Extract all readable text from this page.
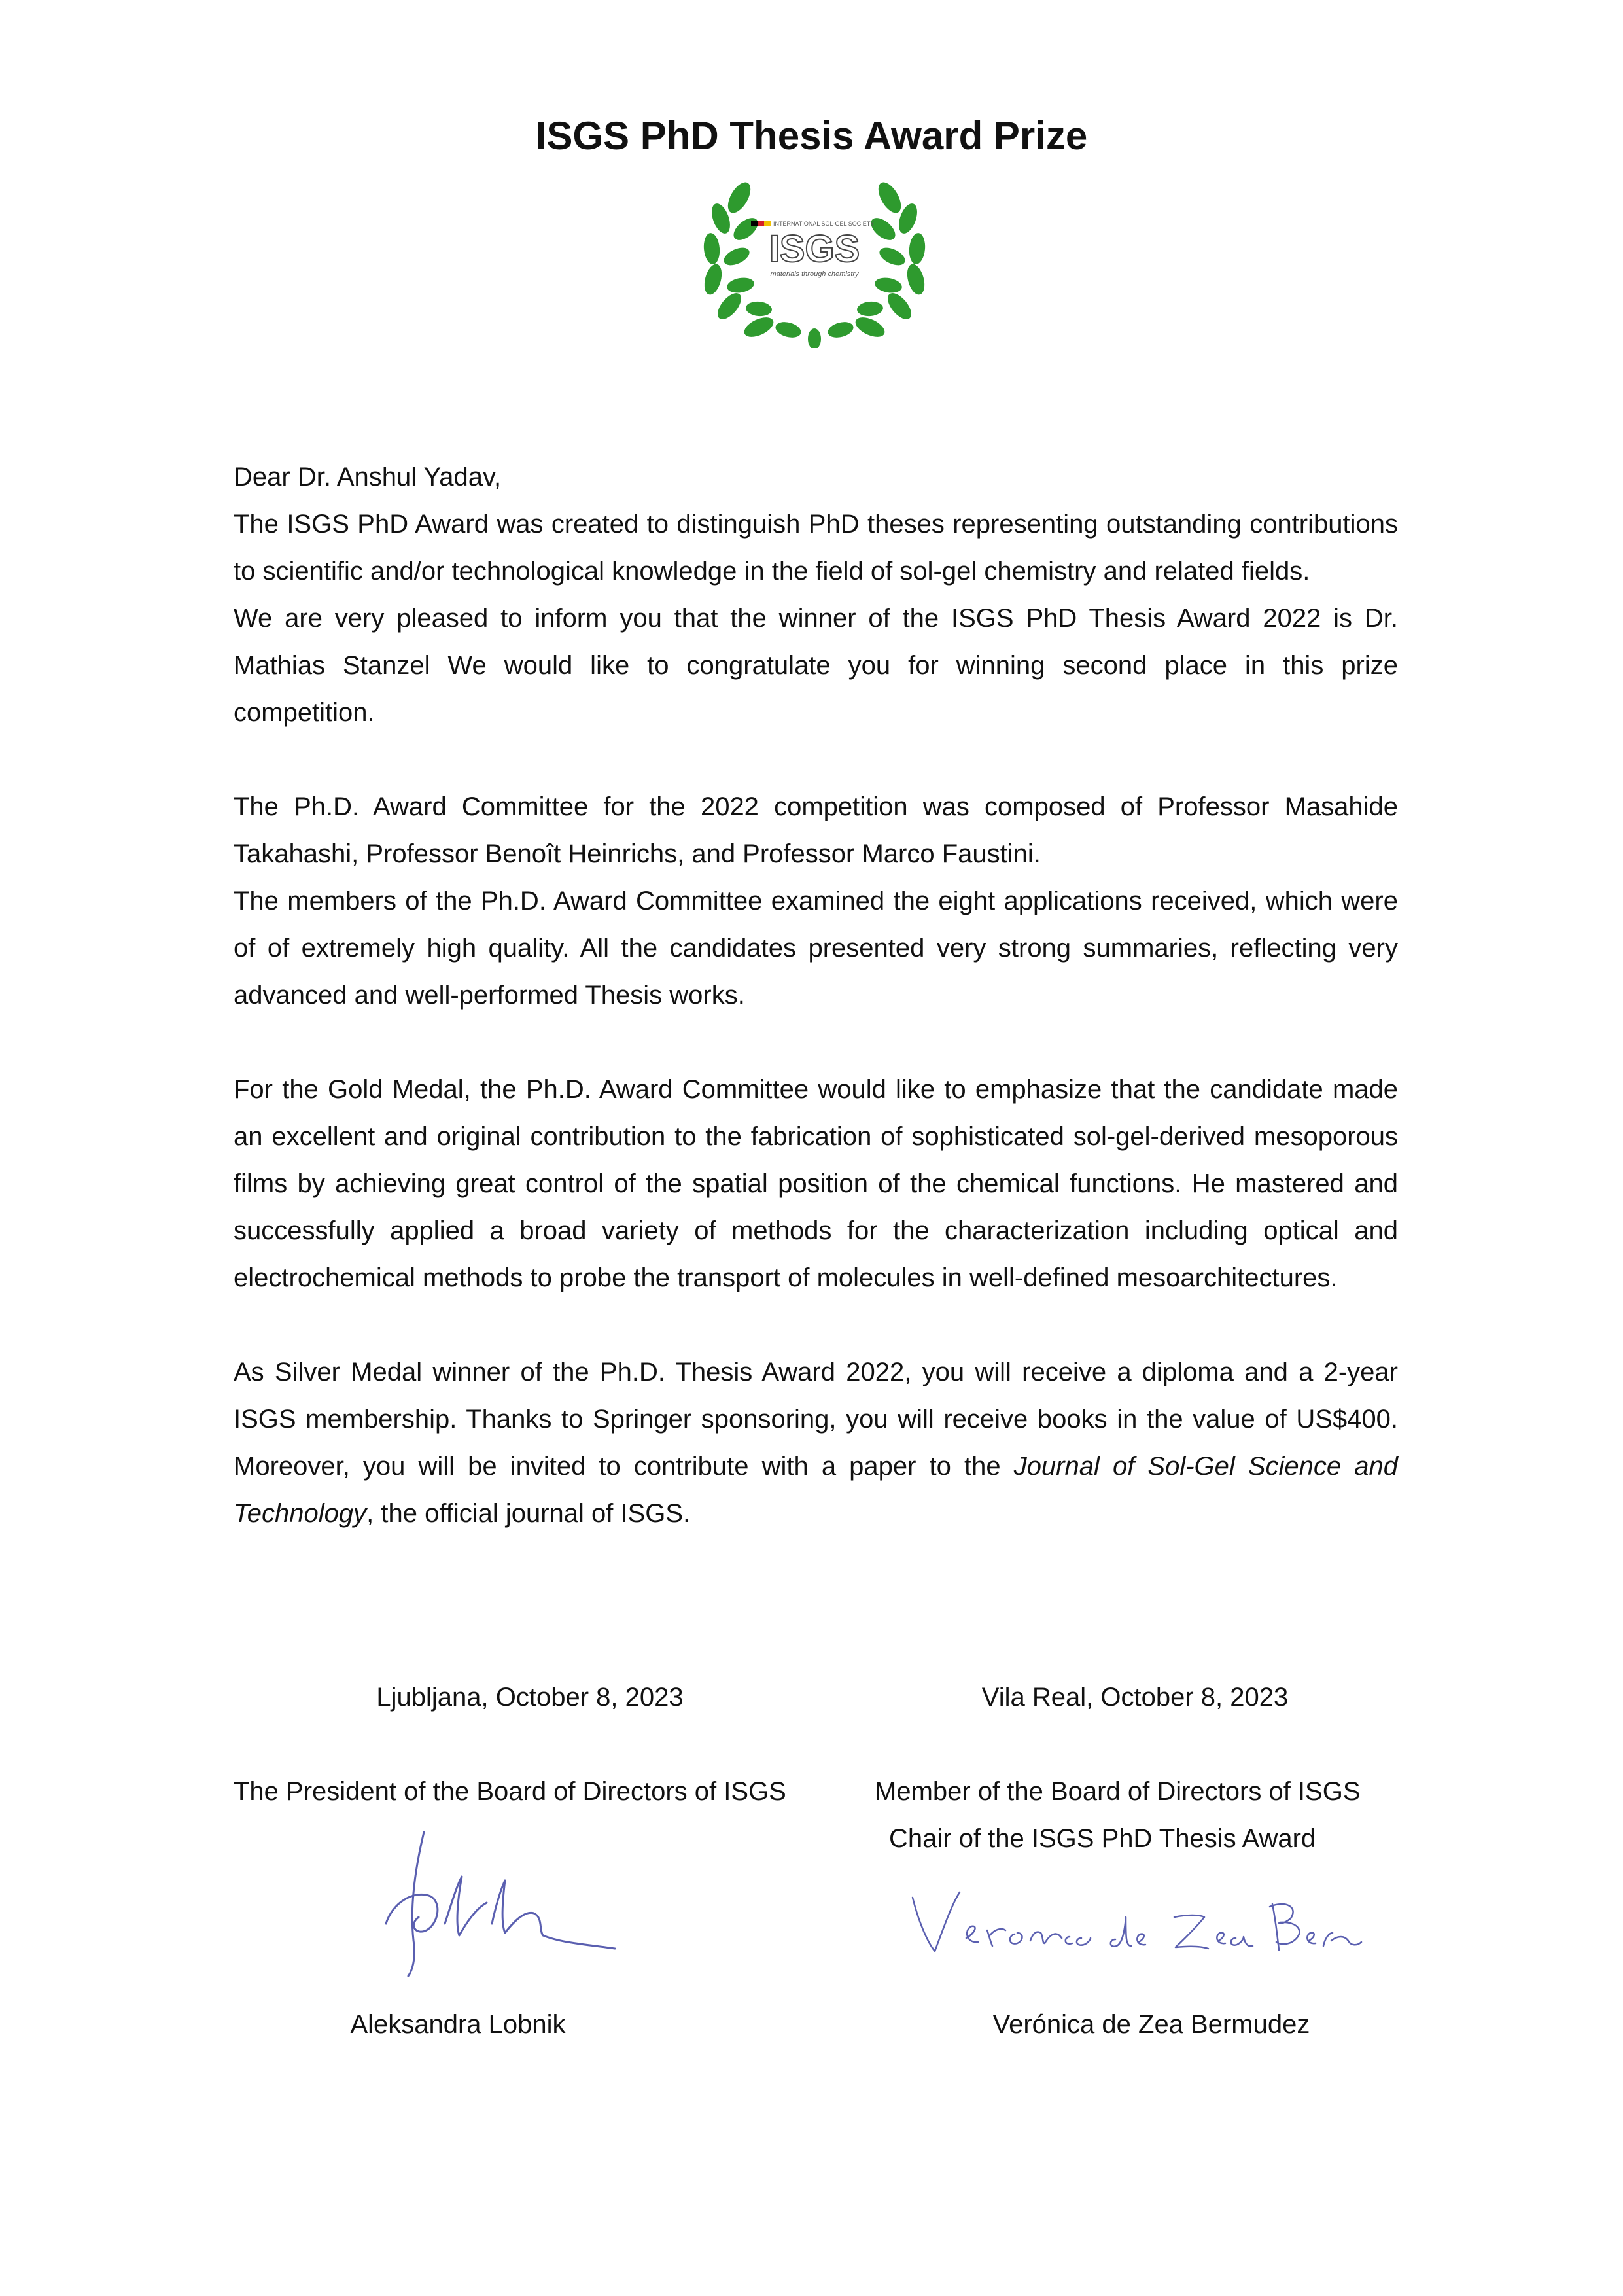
ISGS PhD Thesis Award Prize
INTERNATIONAL SOL-GEL SOCIETY
ISGS
materials through chemistry

Dear Dr. Anshul Yadav,

The ISGS PhD Award was created to distinguish PhD theses representing outstanding contributions to scientific and/or technological knowledge in the field of sol-gel chemistry and related fields.

We are very pleased to inform you that the winner of the ISGS PhD Thesis Award 2022 is Dr. Mathias Stanzel We would like to congratulate you for winning second place in this prize competition.

The Ph.D. Award Committee for the 2022 competition was composed of Professor Masahide Takahashi, Professor Benoît Heinrichs, and Professor Marco Faustini.

The members of the Ph.D. Award Committee examined the eight applications received, which were of of extremely high quality. All the candidates presented very strong summaries, reflecting very advanced and well-performed Thesis works.

For the Gold Medal, the Ph.D. Award Committee would like to emphasize that the candidate made an excellent and original contribution to the fabrication of sophisticated sol-gel-derived mesoporous films by achieving great control of the spatial position of the chemical functions. He mastered and successfully applied a broad variety of methods for the characterization including optical and electrochemical methods to probe the transport of molecules in well-defined mesoarchitectures.

As Silver Medal winner of the Ph.D. Thesis Award 2022, you will receive a diploma and a 2-year ISGS membership. Thanks to Springer sponsoring, you will receive books in the value of US$400. Moreover, you will be invited to contribute with a paper to the Journal of Sol-Gel Science and Technology, the official journal of ISGS.

Ljubljana, October 8, 2023
The President of the Board of Directors of ISGS
Aleksandra Lobnik
Vila Real, October 8, 2023
Member of the Board of Directors of ISGS
Chair of the ISGS PhD Thesis Award
Verónica de Zea Bermudez
